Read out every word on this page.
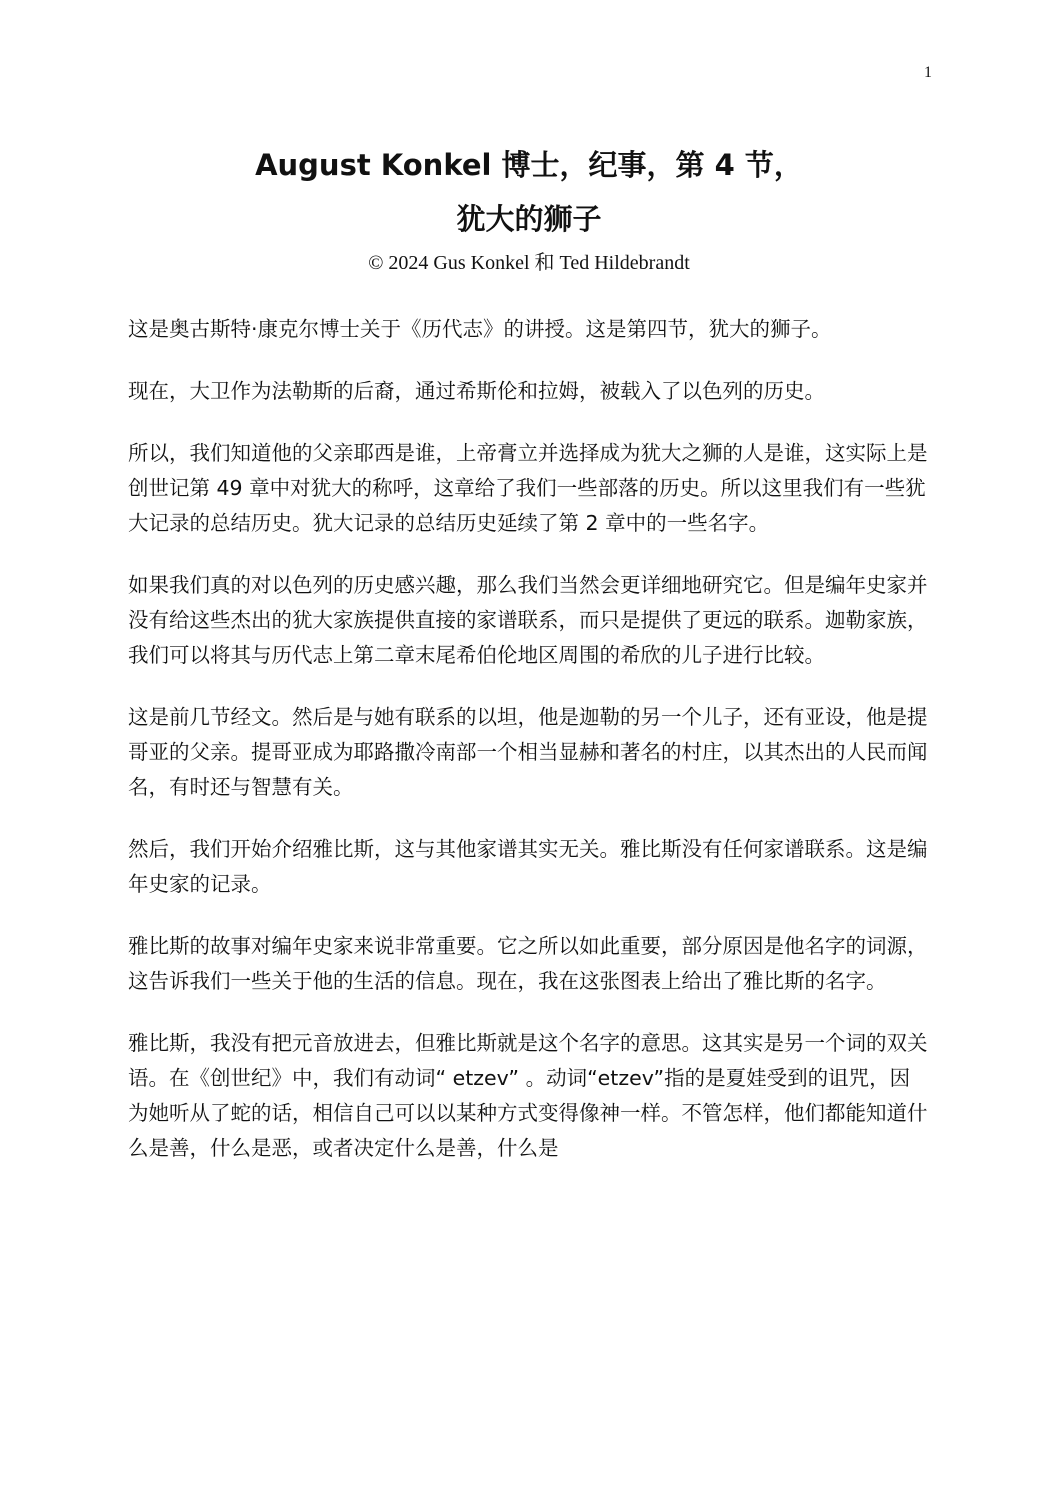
1
August Konkel 博士，纪事，第 4 节，
犹大的狮子
© 2024 Gus Konkel 和 Ted Hildebrandt

这是奥古斯特·康克尔博士关于《历代志》的讲授。这是第四节，犹大的狮子。

现在，大卫作为法勒斯的后裔，通过希斯伦和拉姆，被载入了以色列的历史。

所以，我们知道他的父亲耶西是谁，上帝膏立并选择成为犹大之狮的人是谁，这实际上是创世记第 49 章中对犹大的称呼，这章给了我们一些部落的历史。所以这里我们有一些犹大记录的总结历史。犹大记录的总结历史延续了第 2 章中的一些名字。

如果我们真的对以色列的历史感兴趣，那么我们当然会更详细地研究它。但是编年史家并没有给这些杰出的犹大家族提供直接的家谱联系，而只是提供了更远的联系。迦勒家族，我们可以将其与历代志上第二章末尾希伯伦地区周围的希欣的儿子进行比较。

这是前几节经文。然后是与她有联系的以坦，他是迦勒的另一个儿子，还有亚设，他是提哥亚的父亲。提哥亚成为耶路撒冷南部一个相当显赫和著名的村庄，以其杰出的人民而闻名，有时还与智慧有关。

然后，我们开始介绍雅比斯，这与其他家谱其实无关。雅比斯没有任何家谱联系。这是编年史家的记录。

雅比斯的故事对编年史家来说非常重要。它之所以如此重要，部分原因是他名字的词源，这告诉我们一些关于他的生活的信息。现在，我在这张图表上给出了雅比斯的名字。

雅比斯，我没有把元音放进去，但雅比斯就是这个名字的意思。这其实是另一个词的双关语。在《创世纪》中，我们有动词“ etzev” 。动词“etzev”指的是夏娃受到的诅咒，因为她听从了蛇的话，相信自己可以以某种方式变得像神一样。不管怎样，他们都能知道什么是善，什么是恶，或者决定什么是善，什么是
